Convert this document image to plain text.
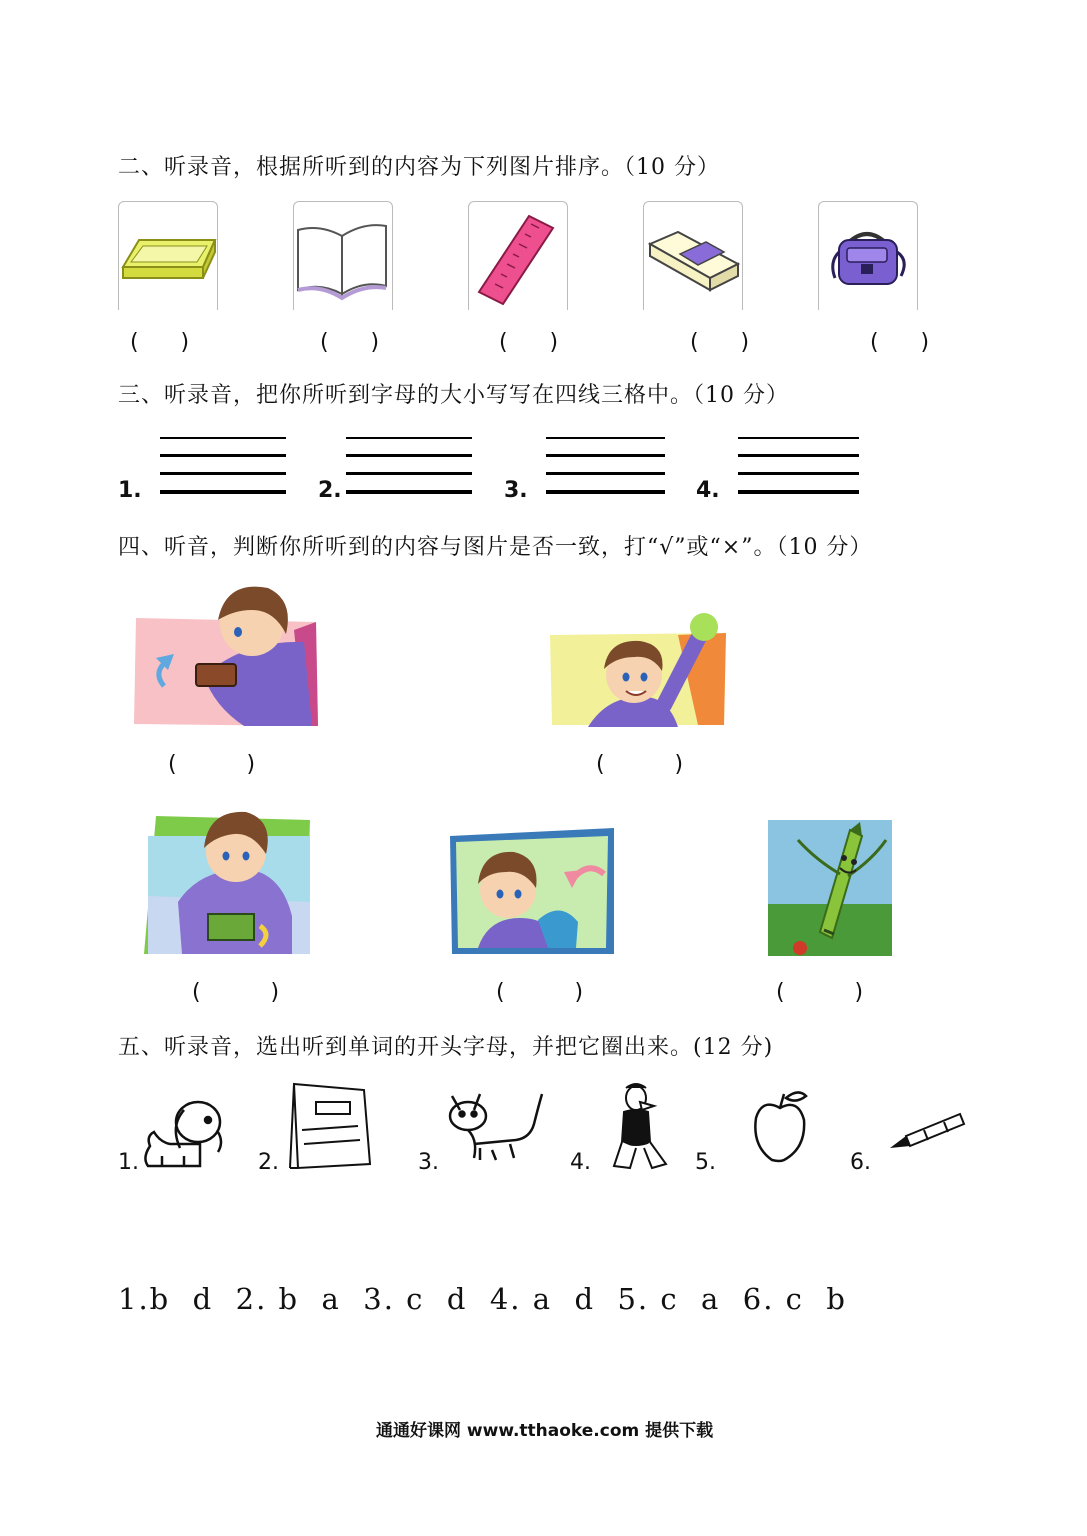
二、听录音，根据所听到的内容为下列图片排序。（10 分）
(      )	(      )	(      )	(      )	(      )
三、听录音，把你所听到字母的大小写写在四线三格中。（10 分）
1.	2.	3.	4.
四、听音，判断你所听到的内容与图片是否一致，打“√”或“×”。（10 分）
(          )	(          )
(          )	(          )	(          )
五、听录音，选出听到单词的开头字母，并把它圈出来。(12 分)
1.	2.	3.	4.	5.	6.
1.b  d  2. b  a  3. c  d  4. a  d  5. c  a  6. c  b
通通好课网 www.tthaoke.com 提供下载
